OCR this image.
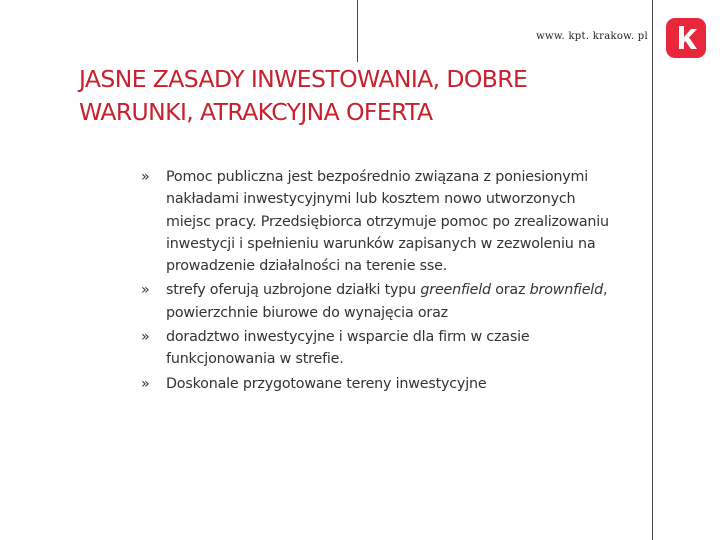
www. kpt. krakow. pl
JASNE ZASADY INWESTOWANIA, DOBRE
WARUNKI, ATRAKCYJNA OFERTA
» Pomoc publiczna jest bezpośrednio związana z poniesionymi nakładami inwestycyjnymi lub kosztem nowo utworzonych miejsc pracy. Przedsiębiorca otrzymuje pomoc po zrealizowaniu inwestycji i spełnieniu warunków zapisanych w zezwoleniu na prowadzenie działalności na terenie sse.
» strefy oferują uzbrojone działki typu greenfield oraz brownfield, powierzchnie biurowe do wynajęcia oraz
» doradztwo inwestycyjne i wsparcie dla firm w czasie funkcjonowania w strefie.
» Doskonale przygotowane tereny inwestycyjne
